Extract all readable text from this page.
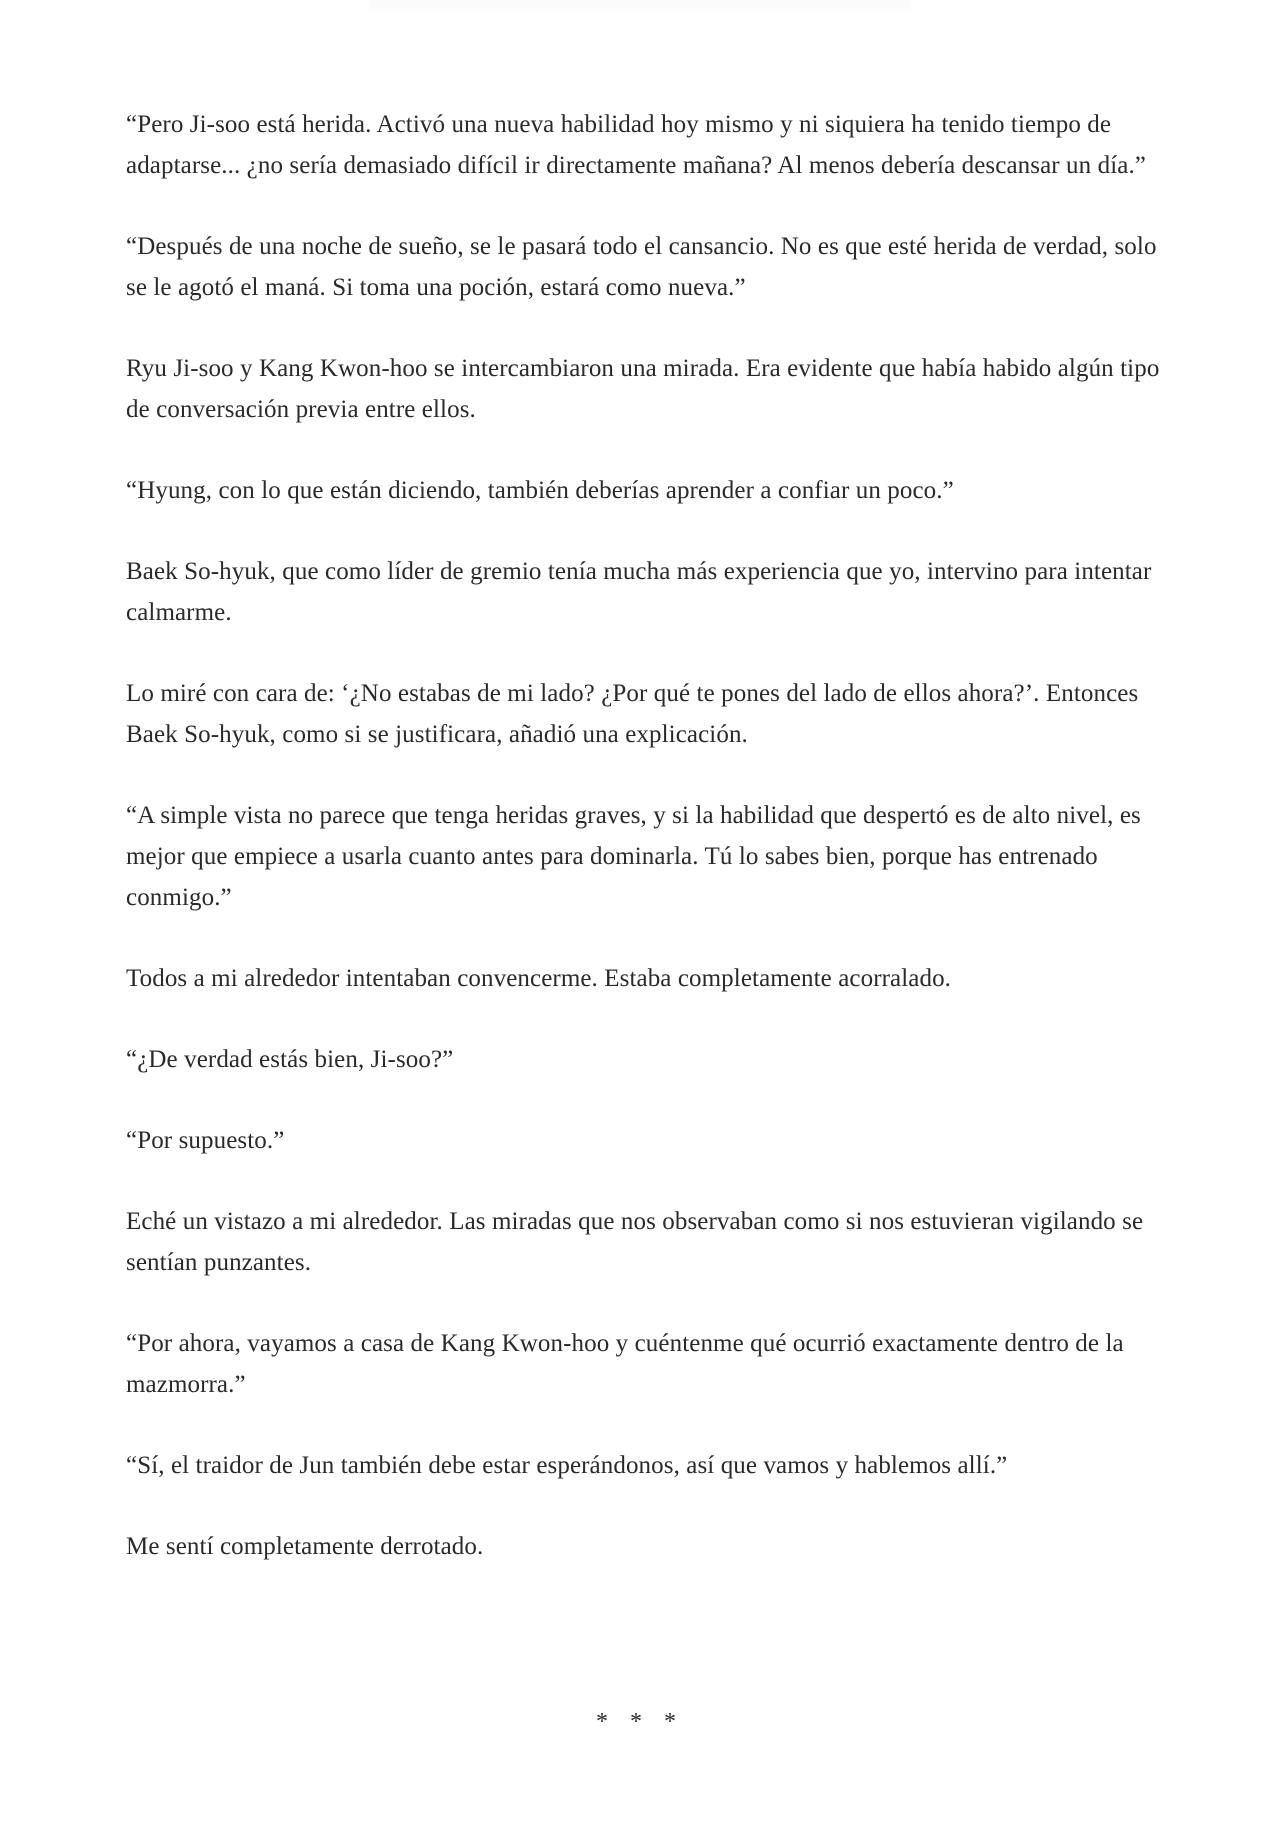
“Pero Ji-soo está herida. Activó una nueva habilidad hoy mismo y ni siquiera ha tenido tiempo de adaptarse... ¿no sería demasiado difícil ir directamente mañana? Al menos debería descansar un día.”

“Después de una noche de sueño, se le pasará todo el cansancio. No es que esté herida de verdad, solo se le agotó el maná. Si toma una poción, estará como nueva.”

Ryu Ji-soo y Kang Kwon-hoo se intercambiaron una mirada. Era evidente que había habido algún tipo de conversación previa entre ellos.

“Hyung, con lo que están diciendo, también deberías aprender a confiar un poco.”

Baek So-hyuk, que como líder de gremio tenía mucha más experiencia que yo, intervino para intentar calmarme.

Lo miré con cara de: ‘¿No estabas de mi lado? ¿Por qué te pones del lado de ellos ahora?’. Entonces Baek So-hyuk, como si se justificara, añadió una explicación.

“A simple vista no parece que tenga heridas graves, y si la habilidad que despertó es de alto nivel, es mejor que empiece a usarla cuanto antes para dominarla. Tú lo sabes bien, porque has entrenado conmigo.”

Todos a mi alrededor intentaban convencerme. Estaba completamente acorralado.

“¿De verdad estás bien, Ji-soo?”

“Por supuesto.”

Eché un vistazo a mi alrededor. Las miradas que nos observaban como si nos estuvieran vigilando se sentían punzantes.

“Por ahora, vayamos a casa de Kang Kwon-hoo y cuéntenme qué ocurrió exactamente dentro de la mazmorra.”

“Sí, el traidor de Jun también debe estar esperándonos, así que vamos y hablemos allí.”

Me sentí completamente derrotado.

* * *
